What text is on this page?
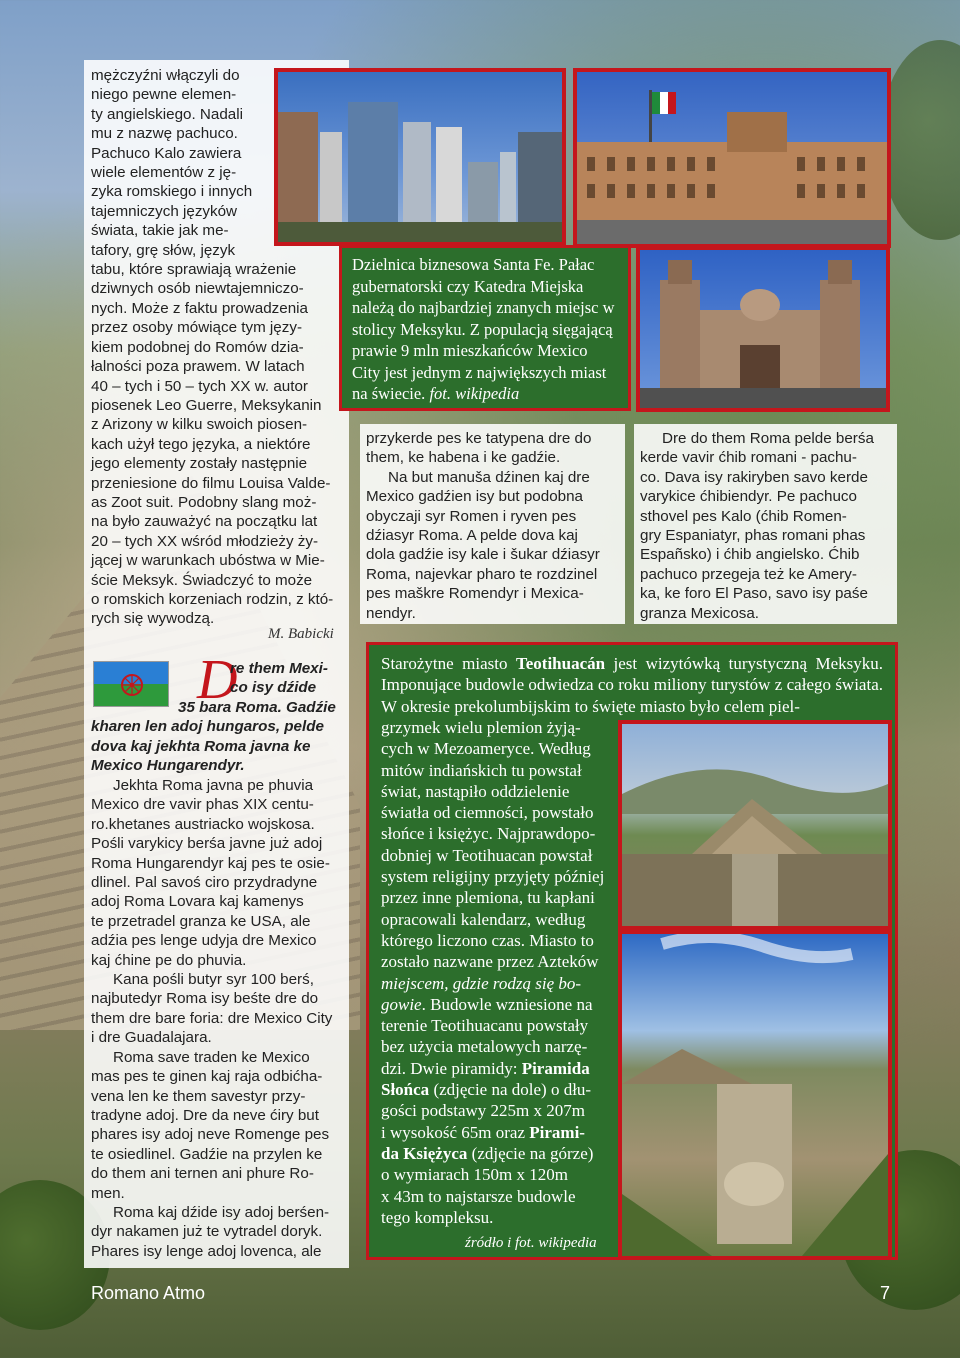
mężczyźni włączyli do

niego pewne elemen-

ty angielskiego. Nadali

mu z nazwę pachuco.

Pachuco Kalo zawiera

wiele elementów z ję-

zyka romskiego i innych

tajemniczych języków

świata, takie jak me-

tafory, grę słów, język

tabu, które sprawiają wrażenie

dziwnych osób niewtajemniczo-

nych. Może z faktu prowadzenia

przez osoby mówiące tym języ-

kiem podobnej do Romów dzia-

łalności poza prawem. W latach

40 – tych i 50 – tych XX w. autor

piosenek Leo Guerre, Meksykanin

z Arizony w kilku swoich piosen-

kach użył tego języka, a niektóre

jego elementy zostały następnie

przeniesione do filmu Louisa Valde-

as Zoot suit. Podobny slang moż-

na było zauważyć na początku lat

20 – tych XX wśród młodzieży ży-

jącej w warunkach ubóstwa w Mie-

ście Meksyk. Świadczyć to może

o romskich korzeniach rodzin, z któ-

rych się wywodzą.

M. Babicki
D

re them Mexi-

co isy dźide

35 bara Roma. Gadźie

kharen len adoj hungaros, pelde

dova kaj jekhta Roma javna ke

Mexico Hungarendyr.

Jekhta Roma javna pe phuvia

Mexico dre vavir phas XIX centu-

ro.khetanes austriacko wojskosa.

Pośli varykicy berśa javne już adoj

Roma Hungarendyr kaj pes te osie-

dlinel. Pal savoś ciro przydradyne

adoj Roma Lovara kaj kamenys

te przetradel granza ke USA, ale

adźia pes lenge udyja dre Mexico

kaj ćhine pe do phuvia.

Kana pośli butyr syr 100 berś,

najbutedyr Roma isy beśte dre do

them dre bare foria: dre Mexico City

i dre Guadalajara.

Roma save traden ke Mexico

mas pes te ginen kaj raja odbićha-

vena len ke them savestyr przy-

tradyne adoj. Dre da neve ćiry but

phares isy adoj neve Romenge pes

te osiedlinel. Gadźie na przylen ke

do them ani ternen ani phure Ro-

men.

Roma kaj dźide isy adoj berśen-

dyr nakamen już te vytradel doryk.

Phares isy lenge adoj lovenca, ale

Dzielnica biznesowa Santa Fe. Pałac gubernatorski czy Katedra Miejska należą do najbardziej znanych miejsc w stolicy Meksyku. Z populacją sięgającą prawie 9 mln mieszkańców Mexico City jest jednym z największych miast na świecie. fot. wikipedia

przykerde pes ke tatypena dre do

them, ke habena i ke gadźie.

Na but manuša dźinen kaj dre

Mexico gadźien isy but podobna

obyczaji syr Romen i ryven pes

dźiasyr Roma. A pelde dova kaj

dola gadźie isy kale i šukar dźiasyr

Roma, najevkar pharo te rozdzinel

pes maškre Romendyr i Mexica-

nendyr.

Dre do them Roma pelde berśa

kerde vavir ćhib romani - pachu-

co. Dava isy rakiryben savo kerde

varykice ćhibiendyr. Pe pachuco

sthovel pes Kalo (ćhib Romen-

gry Espaniatyr, phas romani phas

Españsko) i ćhib angielsko. Ćhib

pachuco przegeja też ke Amery-

ka, ke foro El Paso, savo isy paśe

granza Mexicosa.

Starożytne miasto Teotihuacán jest wizytówką turystyczną Meksyku. Imponujące budowle odwiedza co roku miliony turystów z całego świata. W okresie prekolumbijskim to święte miasto było celem piel-

grzymek wielu plemion żyją-

cych w Mezoameryce. Według

mitów indiańskich tu powstał

świat, nastąpiło oddzielenie

światła od ciemności, powstało

słońce i księżyc. Najprawdopo-

dobniej w Teotihuacan powstał

system religijny przyjęty później

przez inne plemiona, tu kapłani

opracowali kalendarz, według

którego liczono czas. Miasto to

zostało nazwane przez Azteków

miejscem, gdzie rodzą się bo-

gowie. Budowle wzniesione na

terenie Teotihuacanu powstały

bez użycia metalowych narzę-

dzi. Dwie piramidy: Piramida

Słońca (zdjęcie na dole) o dłu-

gości podstawy 225m x 207m

i wysokość 65m oraz Pirami-

da Księżyca (zdjęcie na górze)

o wymiarach 150m x 120m

x 43m to najstarsze budowle

tego kompleksu.

źródło i fot. wikipedia
Romano Atmo	7
